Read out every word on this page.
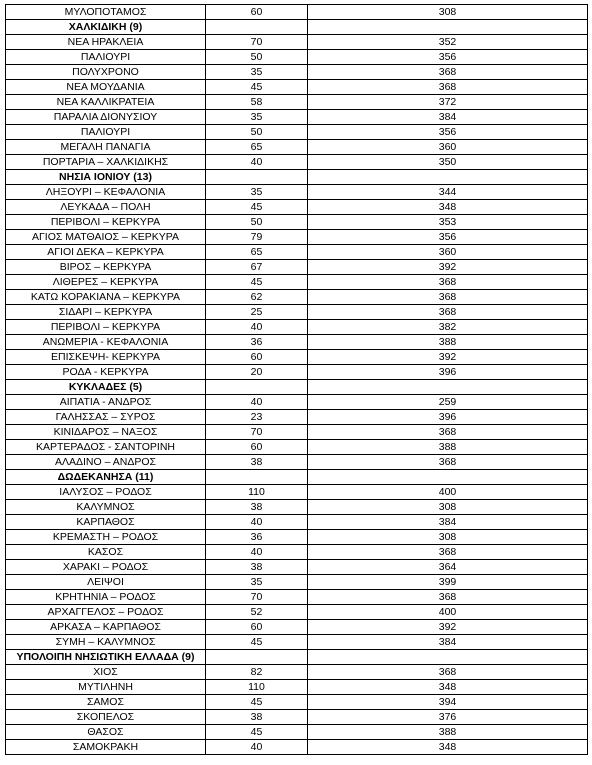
ΜΥΛΟΠΟΤΑΜΟΣ	60	308
ΧΑΛΚΙΔΙΚΗ (9)		
ΝΕΑ ΗΡΑΚΛΕΙΑ	70	352
ΠΑΛΙΟΥΡΙ	50	356
ΠΟΛΥΧΡΟΝΟ	35	368
ΝΕΑ ΜΟΥΔΑΝΙΑ	45	368
ΝΕΑ ΚΑΛΛΙΚΡΑΤΕΙΑ	58	372
ΠΑΡΑΛΙΑ ΔΙΟΝΥΣΙΟΥ	35	384
ΠΑΛΙΟΥΡΙ	50	356
ΜΕΓΑΛΗ ΠΑΝΑΓΙΑ	65	360
ΠΟΡΤΑΡΙΑ – ΧΑΛΚΙΔΙΚΗΣ	40	350
ΝΗΣΙΑ ΙΟΝΙΟΥ (13)		
ΛΗΞΟΥΡΙ – ΚΕΦΑΛΟΝΙΑ	35	344
ΛΕΥΚΑΔΑ – ΠΟΛΗ	45	348
ΠΕΡΙΒΟΛΙ – ΚΕΡΚΥΡΑ	50	353
ΑΓΙΟΣ ΜΑΤΘΑΙΟΣ – ΚΕΡΚΥΡΑ	79	356
ΑΓΙΟΙ ΔΕΚΑ – ΚΕΡΚΥΡΑ	65	360
ΒΙΡΟΣ – ΚΕΡΚΥΡΑ	67	392
ΛΙΘΕΡΕΣ – ΚΕΡΚΥΡΑ	45	368
ΚΑΤΩ ΚΟΡΑΚΙΑΝΑ – ΚΕΡΚΥΡΑ	62	368
ΣΙΔΑΡΙ – ΚΕΡΚΥΡΑ	25	368
ΠΕΡΙΒΟΛΙ – ΚΕΡΚΥΡΑ	40	382
ΑΝΩΜΕΡΙΑ - ΚΕΦΑΛΟΝΙΑ	36	388
ΕΠΙΣΚΕΨΗ- ΚΕΡΚΥΡΑ	60	392
ΡΟΔΑ - ΚΕΡΚΥΡΑ	20	396
ΚΥΚΛΑΔΕΣ (5)		
ΑΙΠΑΤΙΑ - ΑΝΔΡΟΣ	40	259
ΓΑΛΗΣΣΑΣ – ΣΥΡΟΣ	23	396
ΚΙΝΙΔΑΡΟΣ – ΝΑΞΟΣ	70	368
ΚΑΡΤΕΡΑΔΟΣ - ΣΑΝΤΟΡΙΝΗ	60	388
ΑΛΑΔΙΝΟ – ΑΝΔΡΟΣ	38	368
ΔΩΔΕΚΑΝΗΣΑ (11)		
ΙΑΛΥΣΟΣ – ΡΟΔΟΣ	110	400
ΚΑΛΥΜΝΟΣ	38	308
ΚΑΡΠΑΘΟΣ	40	384
ΚΡΕΜΑΣΤΗ – ΡΟΔΟΣ	36	308
ΚΑΣΟΣ	40	368
ΧΑΡΑΚΙ – ΡΟΔΟΣ	38	364
ΛΕΙΨΟΙ	35	399
ΚΡΗΤΗΝΙΑ – ΡΟΔΟΣ	70	368
ΑΡΧΑΓΓΕΛΟΣ – ΡΟΔΟΣ	52	400
ΑΡΚΑΣΑ – ΚΑΡΠΑΘΟΣ	60	392
ΣΥΜΗ – ΚΑΛΥΜΝΟΣ	45	384
ΥΠΟΛΟΙΠΗ ΝΗΣΙΩΤΙΚΗ ΕΛΛΑΔΑ (9)		
ΧΙΟΣ	82	368
ΜΥΤΙΛΗΝΗ	110	348
ΣΑΜΟΣ	45	394
ΣΚΟΠΕΛΟΣ	38	376
ΘΑΣΟΣ	45	388
ΣΑΜΟΚΡΑΚΗ	40	348
